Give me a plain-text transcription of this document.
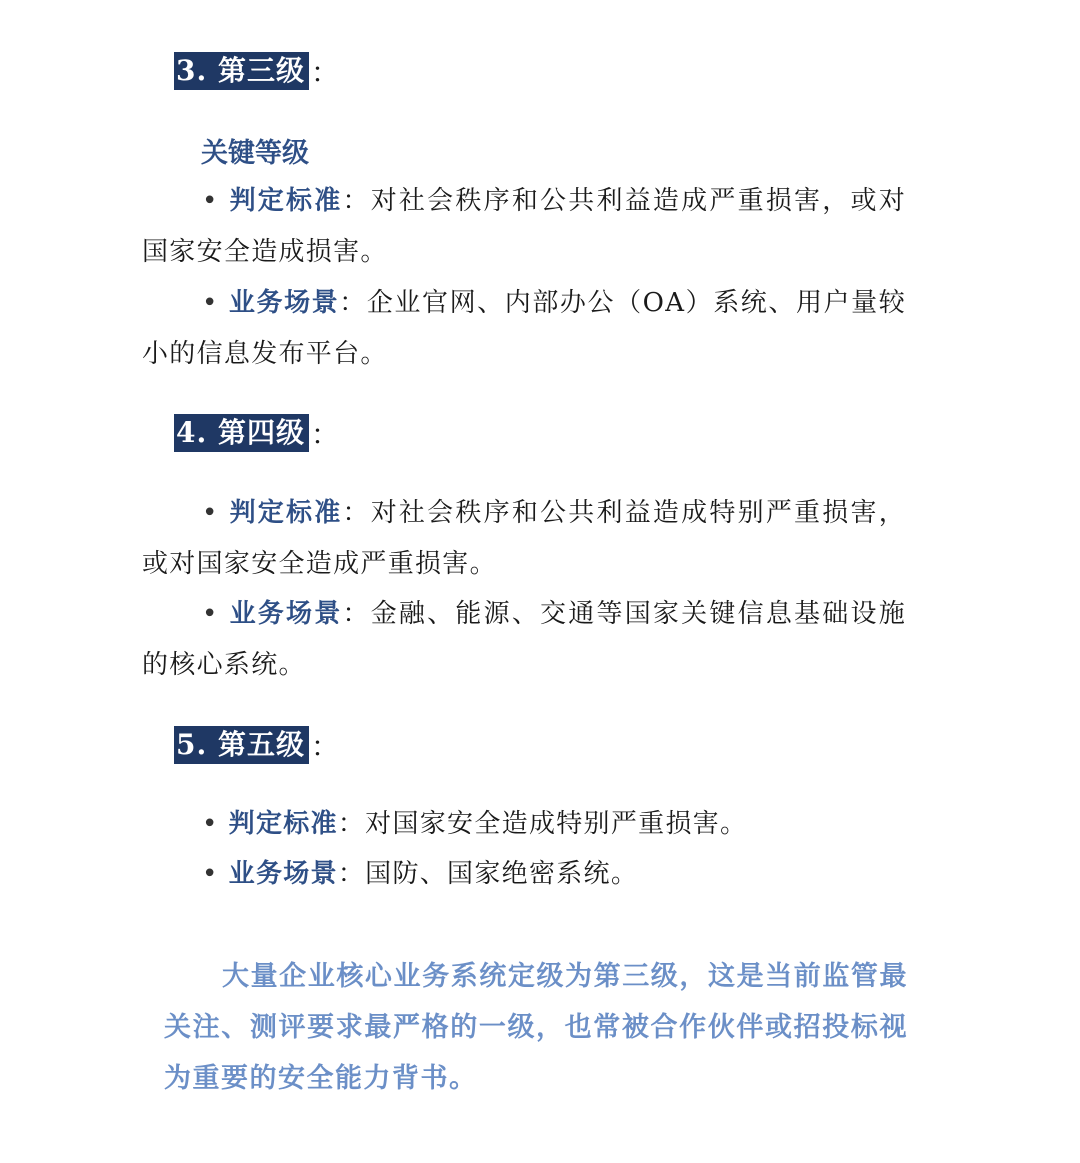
3. 第三级 ：
关键等级
• 判定标准：对社会秩序和公共利益造成严重损害，或对国家安全造成损害。
• 业务场景：企业官网、内部办公（OA）系统、用户量较小的信息发布平台。
4. 第四级 ：
• 判定标准：对社会秩序和公共利益造成特别严重损害，或对国家安全造成严重损害。
• 业务场景：金融、能源、交通等国家关键信息基础设施的核心系统。
5. 第五级 ：
• 判定标准：对国家安全造成特别严重损害。
• 业务场景：国防、国家绝密系统。
大量企业核心业务系统定级为第三级，这是当前监管最关注、测评要求最严格的一级，也常被合作伙伴或招投标视为重要的安全能力背书。
